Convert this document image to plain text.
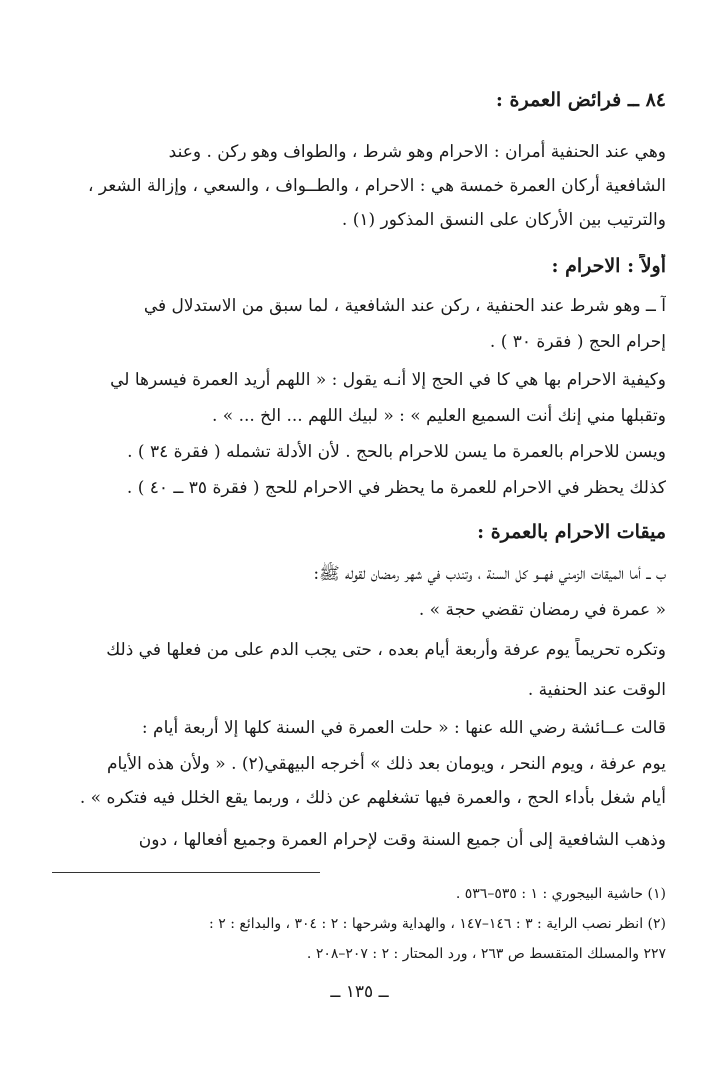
٨٤ ــ فرائض العمرة :
وهي عند الحنفية أمران : الاحرام وهو شرط ، والطواف وهو ركن . وعند
الشافعية أركان العمرة خمسة هي : الاحرام ، والطــواف ، والسعي ، وإزالة الشعر ،
والترتيب بين الأركان على النسق المذكور (١) .
أولاً : الاحرام :
آ ــ وهو شرط عند الحنفية ، ركن عند الشافعية ، لما سبق من الاستدلال في
إحرام الحج ( فقرة ٣٠ ) .
وكيفية الاحرام بها هي كا في الحج إلا أنـه يقول : « اللهم أريد العمرة فيسرها لي
وتقبلها مني إنك أنت السميع العليم » : « لبيك اللهم ... الخ ... » .
ويسن للاحرام بالعمرة ما يسن للاحرام بالحج . لأن الأدلة تشمله ( فقرة ٣٤ ) .
كذلك يحظر في الاحرام للعمرة ما يحظر في الاحرام للحج ( فقرة ٣٥ ــ ٤٠ ) .
ميقات الاحرام بالعمرة :
ب ــ أما الميقات الزمني فهــو كل السنة ، وتندب في شهر رمضان لقوله ﷺ:
« عمرة في رمضان تقضي حجة » .
وتكره تحريماً يوم عرفة وأربعة أيام بعده ، حتى يجب الدم على من فعلها في ذلك
الوقت عند الحنفية .
قالت عــائشة رضي الله عنها : « حلت العمرة في السنة كلها إلا أربعة أيام :
يوم عرفة ، ويوم النحر ، ويومان بعد ذلك » أخرجه البيهقي(٢) . « ولأن هذه الأيام
أيام شغل بأداء الحج ، والعمرة فيها تشغلهم عن ذلك ، وربما يقع الخلل فيه فتكره » .
وذهب الشافعية إلى أن جميع السنة وقت لإحرام العمرة وجميع أفعالها ، دون
(١) حاشية البيجوري : ١ : ٥٣٥–٥٣٦ .
(٢) انظر نصب الراية : ٣ : ١٤٦–١٤٧ ، والهداية وشرحها : ٢ : ٣٠٤ ، والبدائع : ٢ :
٢٢٧ والمسلك المتقسط ص ٢٦٣ ، ورد المحتار : ٢ : ٢٠٧–٢٠٨ .
ــ ١٣٥ ــ
